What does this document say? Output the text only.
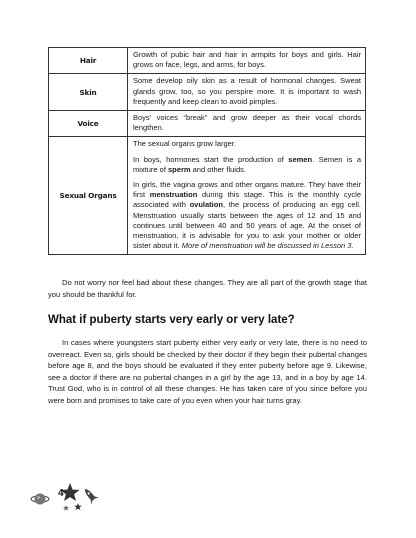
Hair	Growth of pubic hair and hair in armpits for boys and girls. Hair grows on face, legs, and arms, for boys.

Skin	Some develop oily skin as a result of hormonal changes. Sweat glands grow, too, so you perspire more. It is important to wash frequently and keep clean to avoid pimples.

Voice	Boys' voices “break” and grow deeper as their vocal chords lengthen.

Sexual Organs	The sexual organs grow larger.

In boys, hormones start the production of semen. Semen is a mixture of sperm and other fluids.

In girls, the vagina grows and other organs mature. They have their first menstruation during this stage. This is the monthly cycle associated with ovulation, the process of producing an egg cell. Menstruation usually starts between the ages of 12 and 15 and continues until between 40 and 50 years of age. At the onset of menstruation, it is advisable for you to ask your mother or older sister about it. More of menstruation will be discussed in Lesson 3.

Do not worry nor feel bad about these changes. They are all part of the growth stage that you should be thankful for.

What if puberty starts very early or very late?

In cases where youngsters start puberty either very early or very late, there is no need to overreact. Even so, girls should be checked by their doctor if they begin their pubertal changes before age 8, and the boys should be evaluated if they enter puberty before age 9. Likewise, see a doctor if there are no pubertal changes in a girl by the age 13, and in a boy by age 14. Trust God, who is in control of all these changes. He has taken care of you since before you were born and promises to take care of you even when your hair turns gray.

4
